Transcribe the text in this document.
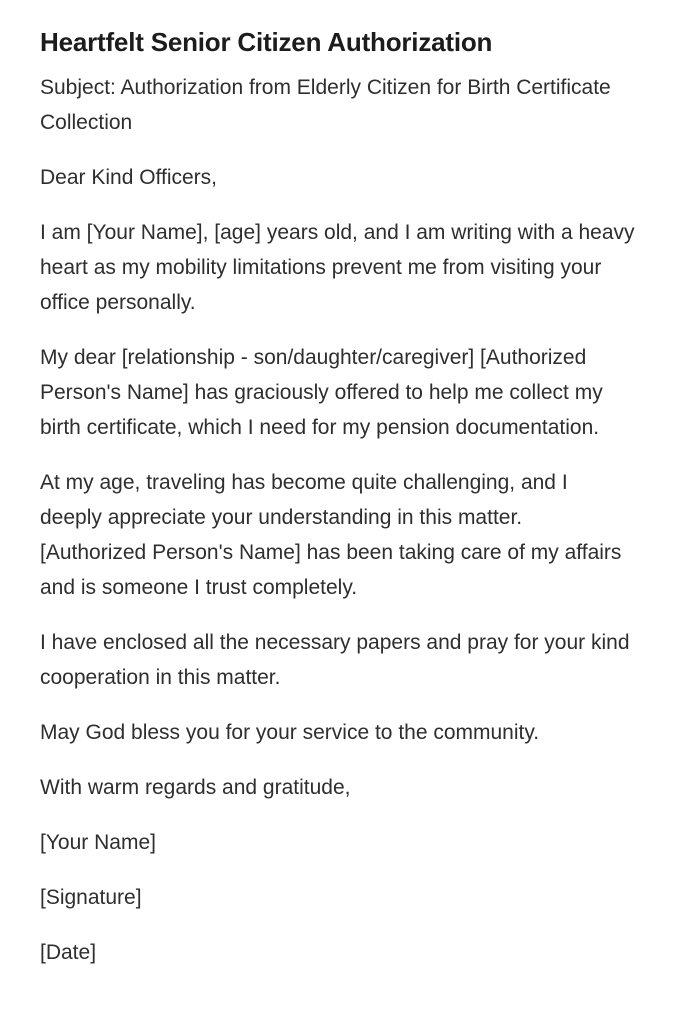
Heartfelt Senior Citizen Authorization

Subject: Authorization from Elderly Citizen for Birth Certificate
Collection

Dear Kind Officers,

I am [Your Name], [age] years old, and I am writing with a heavy
heart as my mobility limitations prevent me from visiting your
office personally.

My dear [relationship - son/daughter/caregiver] [Authorized
Person's Name] has graciously offered to help me collect my
birth certificate, which I need for my pension documentation.

At my age, traveling has become quite challenging, and I
deeply appreciate your understanding in this matter.
[Authorized Person's Name] has been taking care of my affairs
and is someone I trust completely.

I have enclosed all the necessary papers and pray for your kind
cooperation in this matter.

May God bless you for your service to the community.

With warm regards and gratitude,

[Your Name]

[Signature]

[Date]
